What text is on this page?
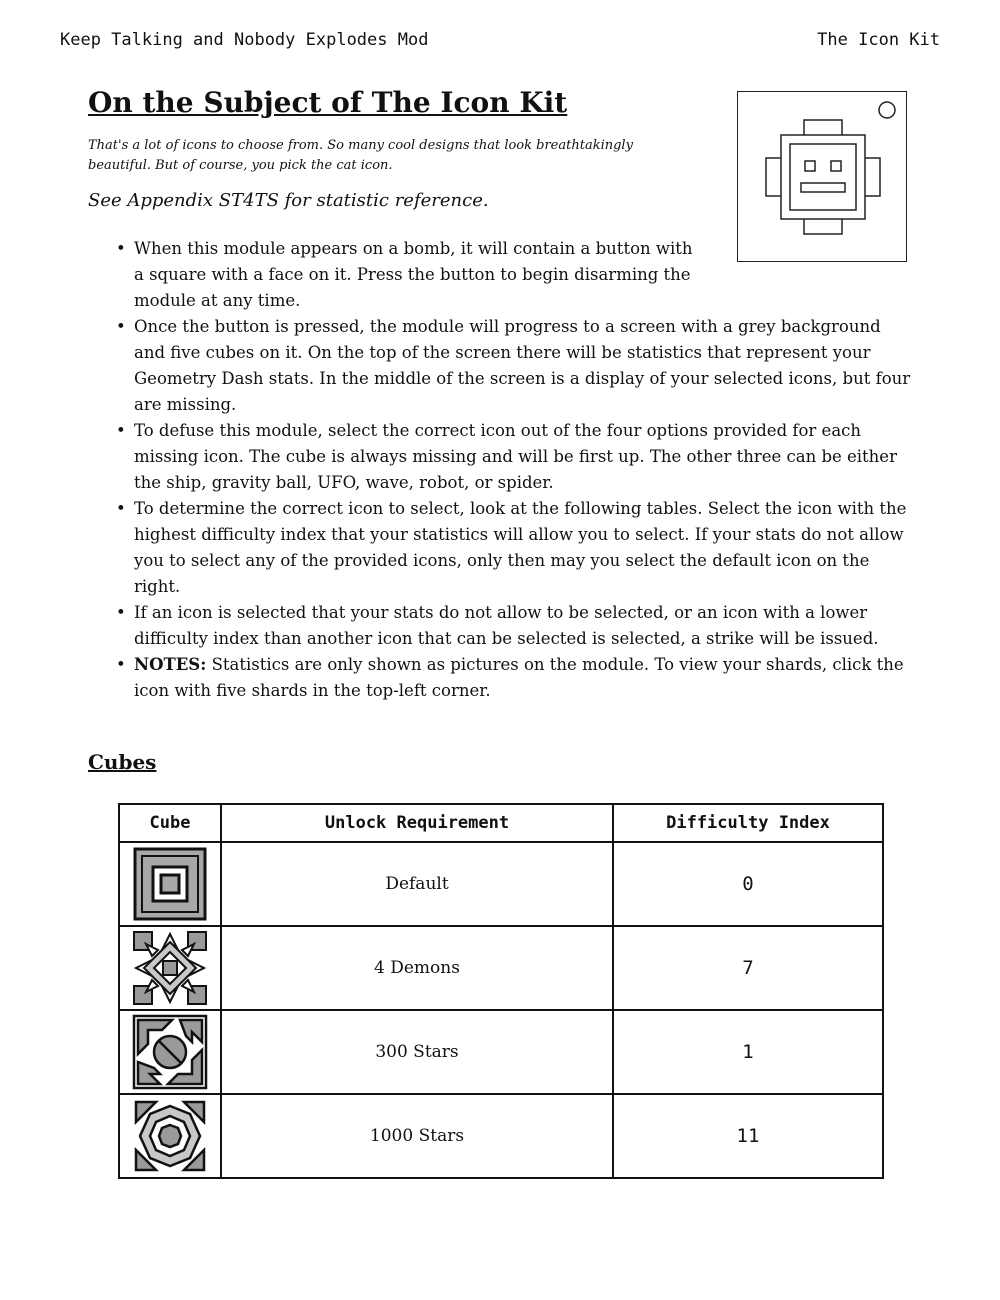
Keep Talking and Nobody Explodes Mod	The Icon Kit
On the Subject of The Icon Kit

That's a lot of icons to choose from. So many cool designs that look breathtakingly beautiful. But of course, you pick the cat icon.

See Appendix ST4TS for statistic reference.

• When this module appears on a bomb, it will contain a button with a square with a face on it. Press the button to begin disarming the module at any time.
• Once the button is pressed, the module will progress to a screen with a grey background and five cubes on it. On the top of the screen there will be statistics that represent your Geometry Dash stats. In the middle of the screen is a display of your selected icons, but four are missing.
• To defuse this module, select the correct icon out of the four options provided for each missing icon. The cube is always missing and will be first up. The other three can be either the ship, gravity ball, UFO, wave, robot, or spider.
• To determine the correct icon to select, look at the following tables. Select the icon with the highest difficulty index that your statistics will allow you to select. If your stats do not allow you to select any of the provided icons, only then may you select the default icon on the right.
• If an icon is selected that your stats do not allow to be selected, or an icon with a lower difficulty index than another icon that can be selected is selected, a strike will be issued.
• NOTES: Statistics are only shown as pictures on the module. To view your shards, click the icon with five shards in the top-left corner.
Cubes
Cube	Unlock Requirement	Difficulty Index

	Default	0

	4 Demons	7

	300 Stars	1

	1000 Stars	11
